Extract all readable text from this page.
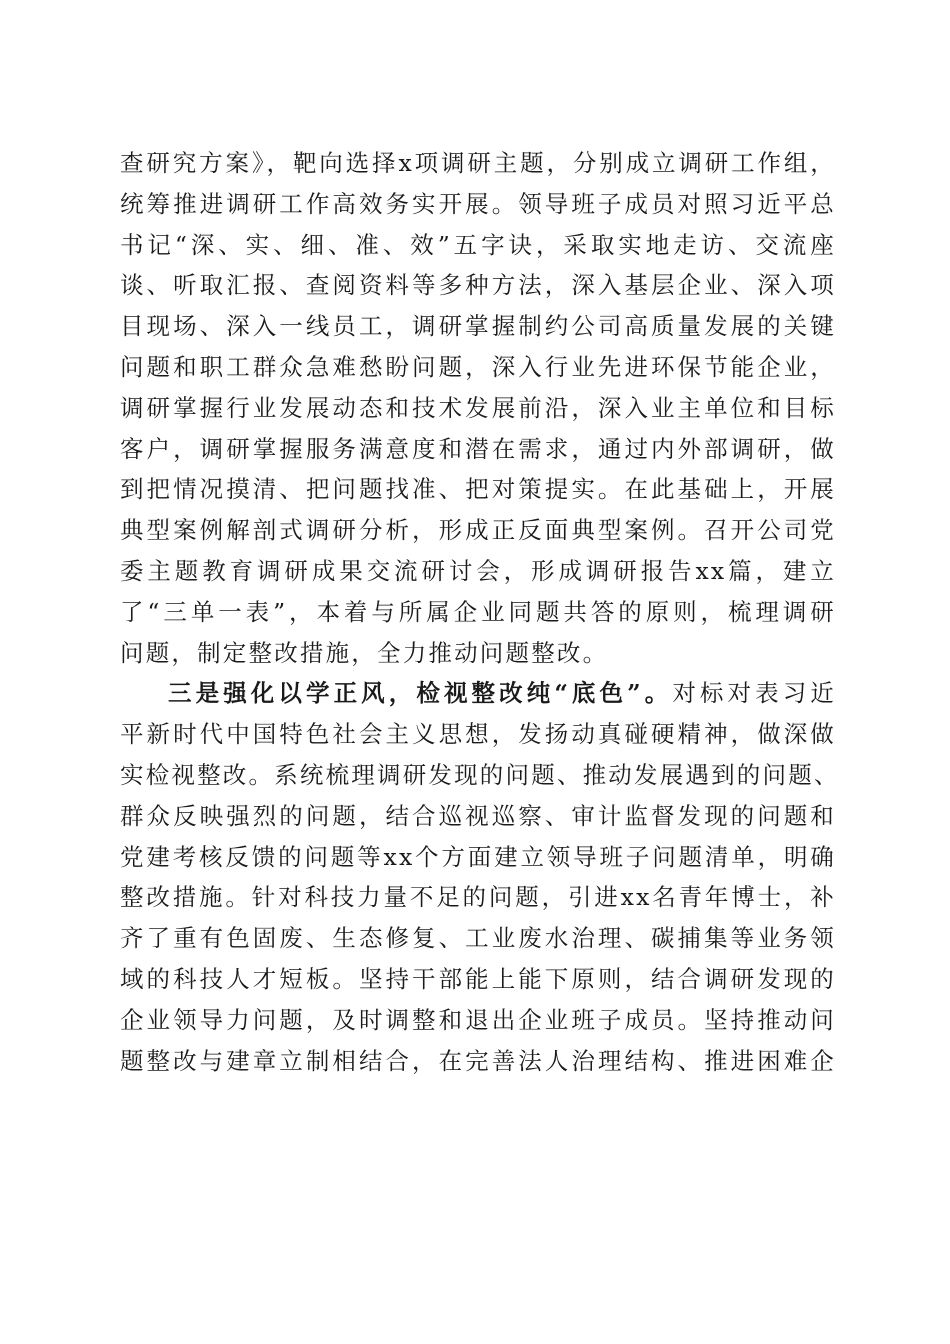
查研究方案》，靶向选择x项调研主题，分别成立调研工作组，
统筹推进调研工作高效务实开展。领导班子成员对照习近平总
书记“深、实、细、准、效”五字诀，采取实地走访、交流座
谈、听取汇报、查阅资料等多种方法，深入基层企业、深入项
目现场、深入一线员工，调研掌握制约公司高质量发展的关键
问题和职工群众急难愁盼问题，深入行业先进环保节能企业，
调研掌握行业发展动态和技术发展前沿，深入业主单位和目标
客户，调研掌握服务满意度和潜在需求，通过内外部调研，做
到把情况摸清、把问题找准、把对策提实。在此基础上，开展
典型案例解剖式调研分析，形成正反面典型案例。召开公司党
委主题教育调研成果交流研讨会，形成调研报告xx篇，建立
了“三单一表”，本着与所属企业同题共答的原则，梳理调研
问题，制定整改措施，全力推动问题整改。
三是强化以学正风，检视整改纯“底色”。对标对表习近
平新时代中国特色社会主义思想，发扬动真碰硬精神，做深做
实检视整改。系统梳理调研发现的问题、推动发展遇到的问题、
群众反映强烈的问题，结合巡视巡察、审计监督发现的问题和
党建考核反馈的问题等xx个方面建立领导班子问题清单，明确
整改措施。针对科技力量不足的问题，引进xx名青年博士，补
齐了重有色固废、生态修复、工业废水治理、碳捕集等业务领
域的科技人才短板。坚持干部能上能下原则，结合调研发现的
企业领导力问题，及时调整和退出企业班子成员。坚持推动问
题整改与建章立制相结合，在完善法人治理结构、推进困难企
